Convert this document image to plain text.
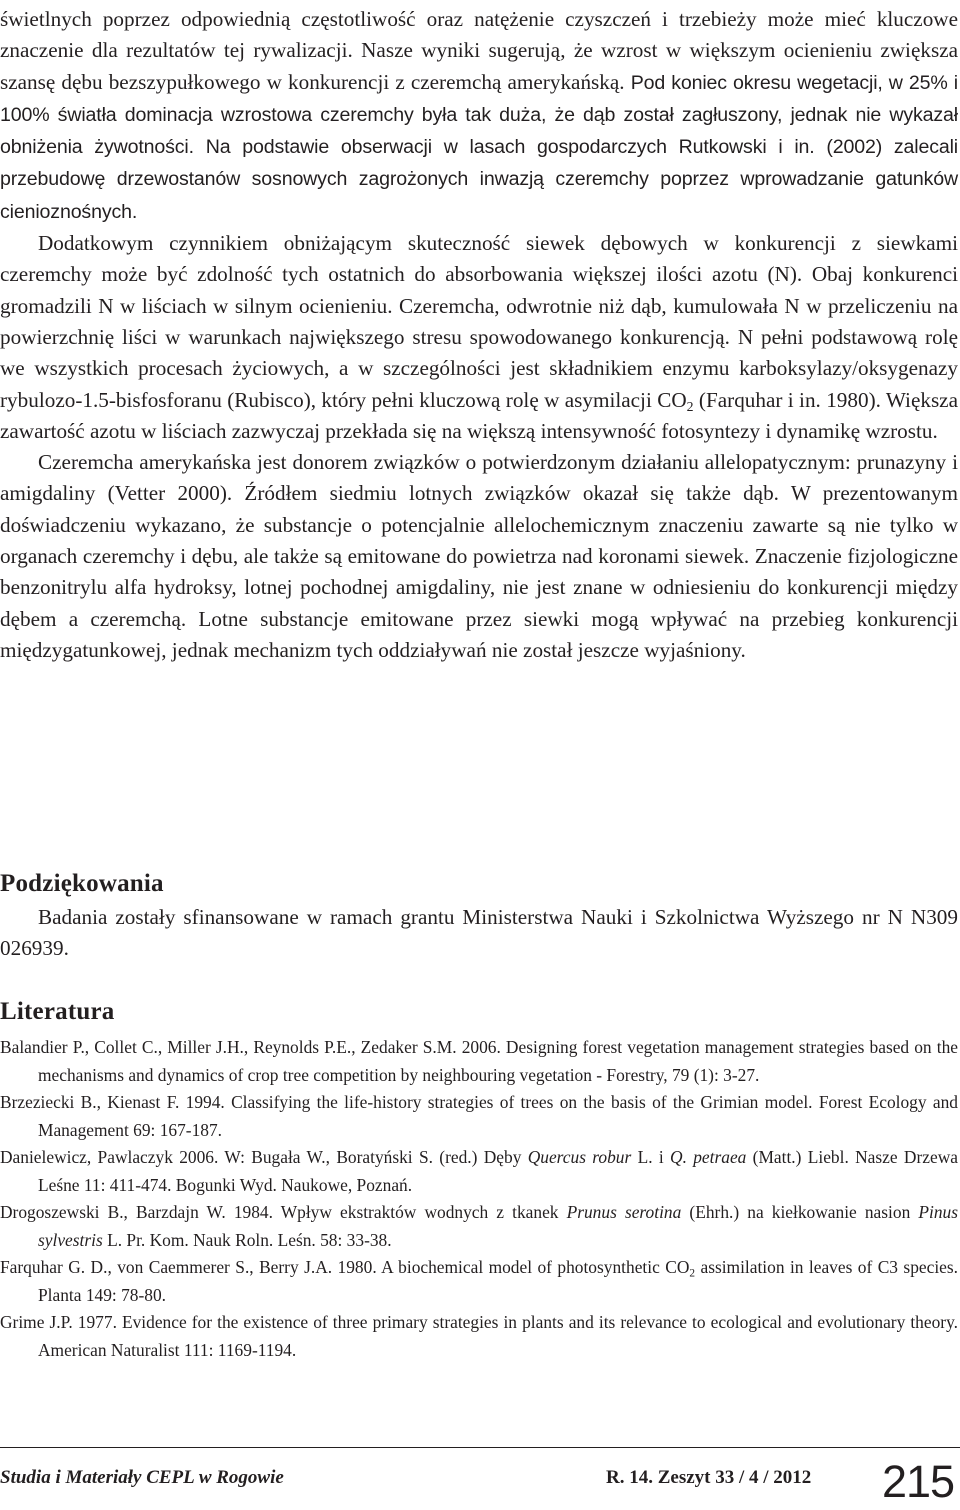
świetlnych poprzez odpowiednią częstotliwość oraz natężenie czyszczeń i trzebieży może mieć kluczowe znaczenie dla rezultatów tej rywalizacji. Nasze wyniki sugerują, że wzrost w większym ocienieniu zwiększa szansę dębu bezszypułkowego w konkurencji z czeremchą amerykańską. Pod koniec okresu wegetacji, w 25% i 100% światła dominacja wzrostowa czeremchy była tak duża, że dąb został zagłuszony, jednak nie wykazał obniżenia żywotności. Na podstawie obserwacji w lasach gospodarczych Rutkowski i in. (2002) zalecali przebudowę drzewostanów sosnowych zagrożonych inwazją czeremchy poprzez wprowadzanie gatunków cienioznośnych.

Dodatkowym czynnikiem obniżającym skuteczność siewek dębowych w konkurencji z siewkami czeremchy może być zdolność tych ostatnich do absorbowania większej ilości azotu (N). Obaj konkurenci gromadzili N w liściach w silnym ocienieniu. Czeremcha, odwrotnie niż dąb, kumulowała N w przeliczeniu na powierzchnię liści w warunkach największego stresu spowodowanego konkurencją. N pełni podstawową rolę we wszystkich procesach życiowych, a w szczególności jest składnikiem enzymu karboksylazy/oksygenazy rybulozo-1.5-bisfosforanu (Rubisco), który pełni kluczową rolę w asymilacji $CO_2$ (Farquhar i in. 1980). Większa zawartość azotu w liściach zazwyczaj przekłada się na większą intensywność fotosyntezy i dynamikę wzrostu.

Czeremcha amerykańska jest donorem związków o potwierdzonym działaniu allelopatycznym: prunazyny i amigdaliny (Vetter 2000). Źródłem siedmiu lotnych związków okazał się także dąb. W prezentowanym doświadczeniu wykazano, że substancje o potencjalnie allelochemicznym znaczeniu zawarte są nie tylko w organach czeremchy i dębu, ale także są emitowane do powietrza nad koronami siewek. Znaczenie fizjologiczne benzonitrylu alfa hydroksy, lotnej pochodnej amigdaliny, nie jest znane w odniesieniu do konkurencji między dębem a czeremchą. Lotne substancje emitowane przez siewki mogą wpływać na przebieg konkurencji międzygatunkowej, jednak mechanizm tych oddziaływań nie został jeszcze wyjaśniony.

Podziękowania

Badania zostały sfinansowane w ramach grantu Ministerstwa Nauki i Szkolnictwa Wyższego nr N N309 026939.

Literatura
Balandier P., Collet C., Miller J.H., Reynolds P.E., Zedaker S.M. 2006. Designing forest vegetation management strategies based on the mechanisms and dynamics of crop tree competition by neighbouring vegetation - Forestry, 79 (1): 3-27.
Brzeziecki B., Kienast F. 1994. Classifying the life-history strategies of trees on the basis of the Grimian model. Forest Ecology and Management 69: 167-187.
Danielewicz, Pawlaczyk 2006. W: Bugała W., Boratyński S. (red.) Dęby Quercus robur L. i Q. petraea (Matt.) Liebl. Nasze Drzewa Leśne 11: 411-474. Bogunki Wyd. Naukowe, Poznań.
Drogoszewski B., Barzdajn W. 1984. Wpływ ekstraktów wodnych z tkanek Prunus serotina (Ehrh.) na kiełkowanie nasion Pinus sylvestris L. Pr. Kom. Nauk Roln. Leśn. 58: 33-38.
Farquhar G. D., von Caemmerer S., Berry J.A. 1980. A biochemical model of photosynthetic $CO_2$ assimilation in leaves of C3 species. Planta 149: 78-80.
Grime J.P. 1977. Evidence for the existence of three primary strategies in plants and its relevance to ecological and evolutionary theory. American Naturalist 111: 1169-1194.
Studia i Materiały CEPL w Rogowie	R. 14. Zeszyt 33 / 4 / 2012 215
